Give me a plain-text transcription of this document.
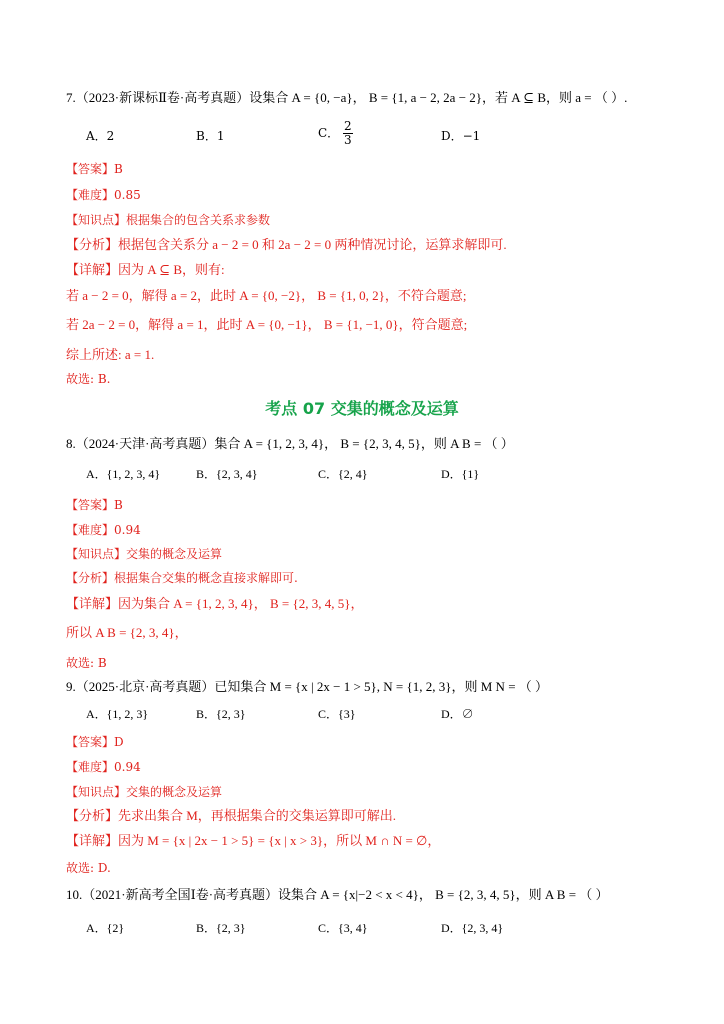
7.（2023·新课标Ⅱ卷·高考真题）设集合 A = {0, −a}， B = {1, a − 2, 2a − 2}，若 A ⊆ B，则 a = （ ）.
A．2	B．1	C． $\frac{2}{3}$	D．−1
【答案】B
【难度】0.85
【知识点】根据集合的包含关系求参数
【分析】根据包含关系分 a − 2 = 0 和 2a − 2 = 0 两种情况讨论，运算求解即可.
【详解】因为 A ⊆ B，则有:
若 a − 2 = 0，解得 a = 2，此时 A = {0, −2}， B = {1, 0, 2}，不符合题意;
若 2a − 2 = 0，解得 a = 1，此时 A = {0, −1}， B = {1, −1, 0}，符合题意;
综上所述: a = 1.
故选: B.
考点 07 交集的概念及运算
8.（2024·天津·高考真题）集合 A = {1, 2, 3, 4}， B = {2, 3, 4, 5}，则 A B = （ ）
A．{1, 2, 3, 4}	B．{2, 3, 4}	C．{2, 4}	D．{1}
【答案】B
【难度】0.94
【知识点】交集的概念及运算
【分析】根据集合交集的概念直接求解即可.
【详解】因为集合 A = {1, 2, 3, 4}， B = {2, 3, 4, 5}，
所以 A B = {2, 3, 4}，
故选: B
9.（2025·北京·高考真题）已知集合 M = {x | 2x − 1 > 5}, N = {1, 2, 3}，则 M N = （ ）
A．{1, 2, 3}	B．{2, 3}	C．{3}	D．∅
【答案】D
【难度】0.94
【知识点】交集的概念及运算
【分析】先求出集合 M，再根据集合的交集运算即可解出.
【详解】因为 M = {x | 2x − 1 > 5} = {x | x > 3}，所以 M ∩ N = ∅，
故选: D.
10.（2021·新高考全国Ⅰ卷·高考真题）设集合 A = {x|−2 < x < 4}， B = {2, 3, 4, 5}，则 A B = （ ）
A．{2}	B．{2, 3}	C．{3, 4}	D．{2, 3, 4}
